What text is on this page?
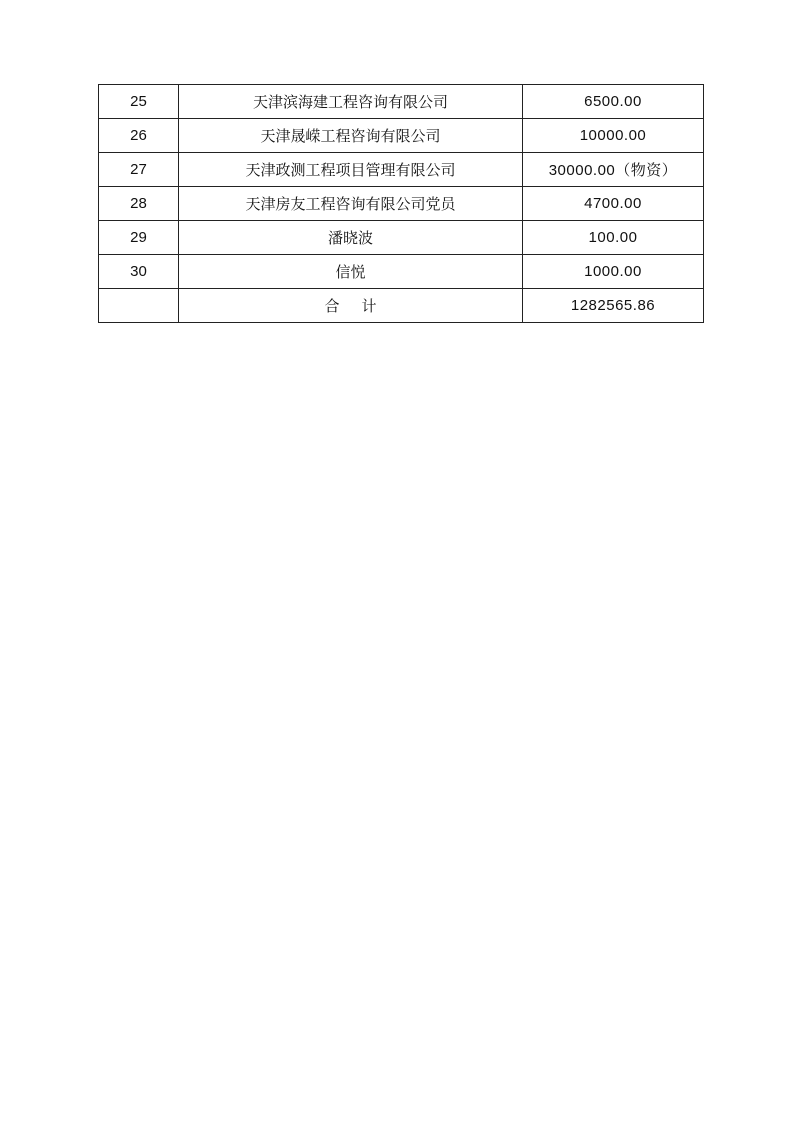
25	天津滨海建工程咨询有限公司	6500.00
26	天津晟嵘工程咨询有限公司	10000.00
27	天津政测工程项目管理有限公司	30000.00（物资）
28	天津房友工程咨询有限公司党员	4700.00
29	潘晓波	100.00
30	信悦	1000.00
	合计	1282565.86
